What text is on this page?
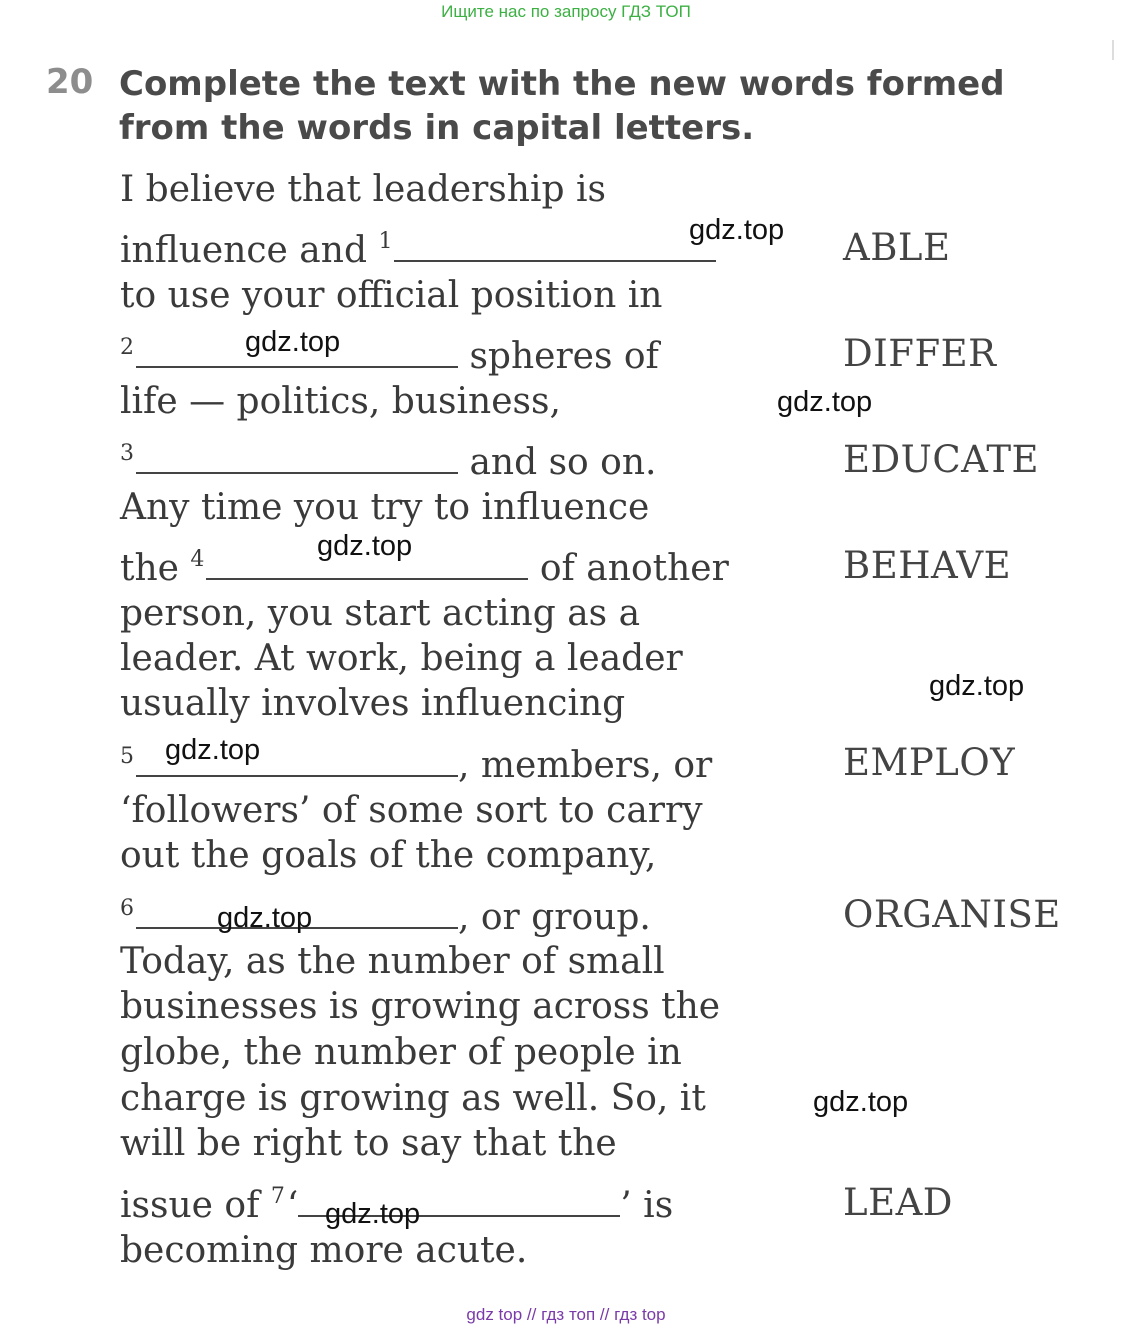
Ищите нас по запросу ГДЗ ТОП
20 Complete the text with the new words formed from the words in capital letters.
I believe that leadership is
influence and $^1$
to use your official position in
$^2$	spheres of
life — politics, business,
$^3$	and so on.
Any time you try to influence
the $^4$	of another
person, you start acting as a
leader. At work, being a leader
usually involves influencing
$^5$	, members, or
‘followers’ of some sort to carry
out the goals of the company,
$^6$	, or group.
Today, as the number of small
businesses is growing across the
globe, the number of people in
charge is growing as well. So, it
will be right to say that the
issue of $^7$‘	’ is
becoming more acute.
ABLE
DIFFER
EDUCATE
BEHAVE
EMPLOY
ORGANISE
LEAD
gdz.top
gdz.top
gdz.top
gdz.top
gdz.top
gdz.top
gdz.top
gdz.top
gdz.top
gdz top // гдз топ // гдз top
